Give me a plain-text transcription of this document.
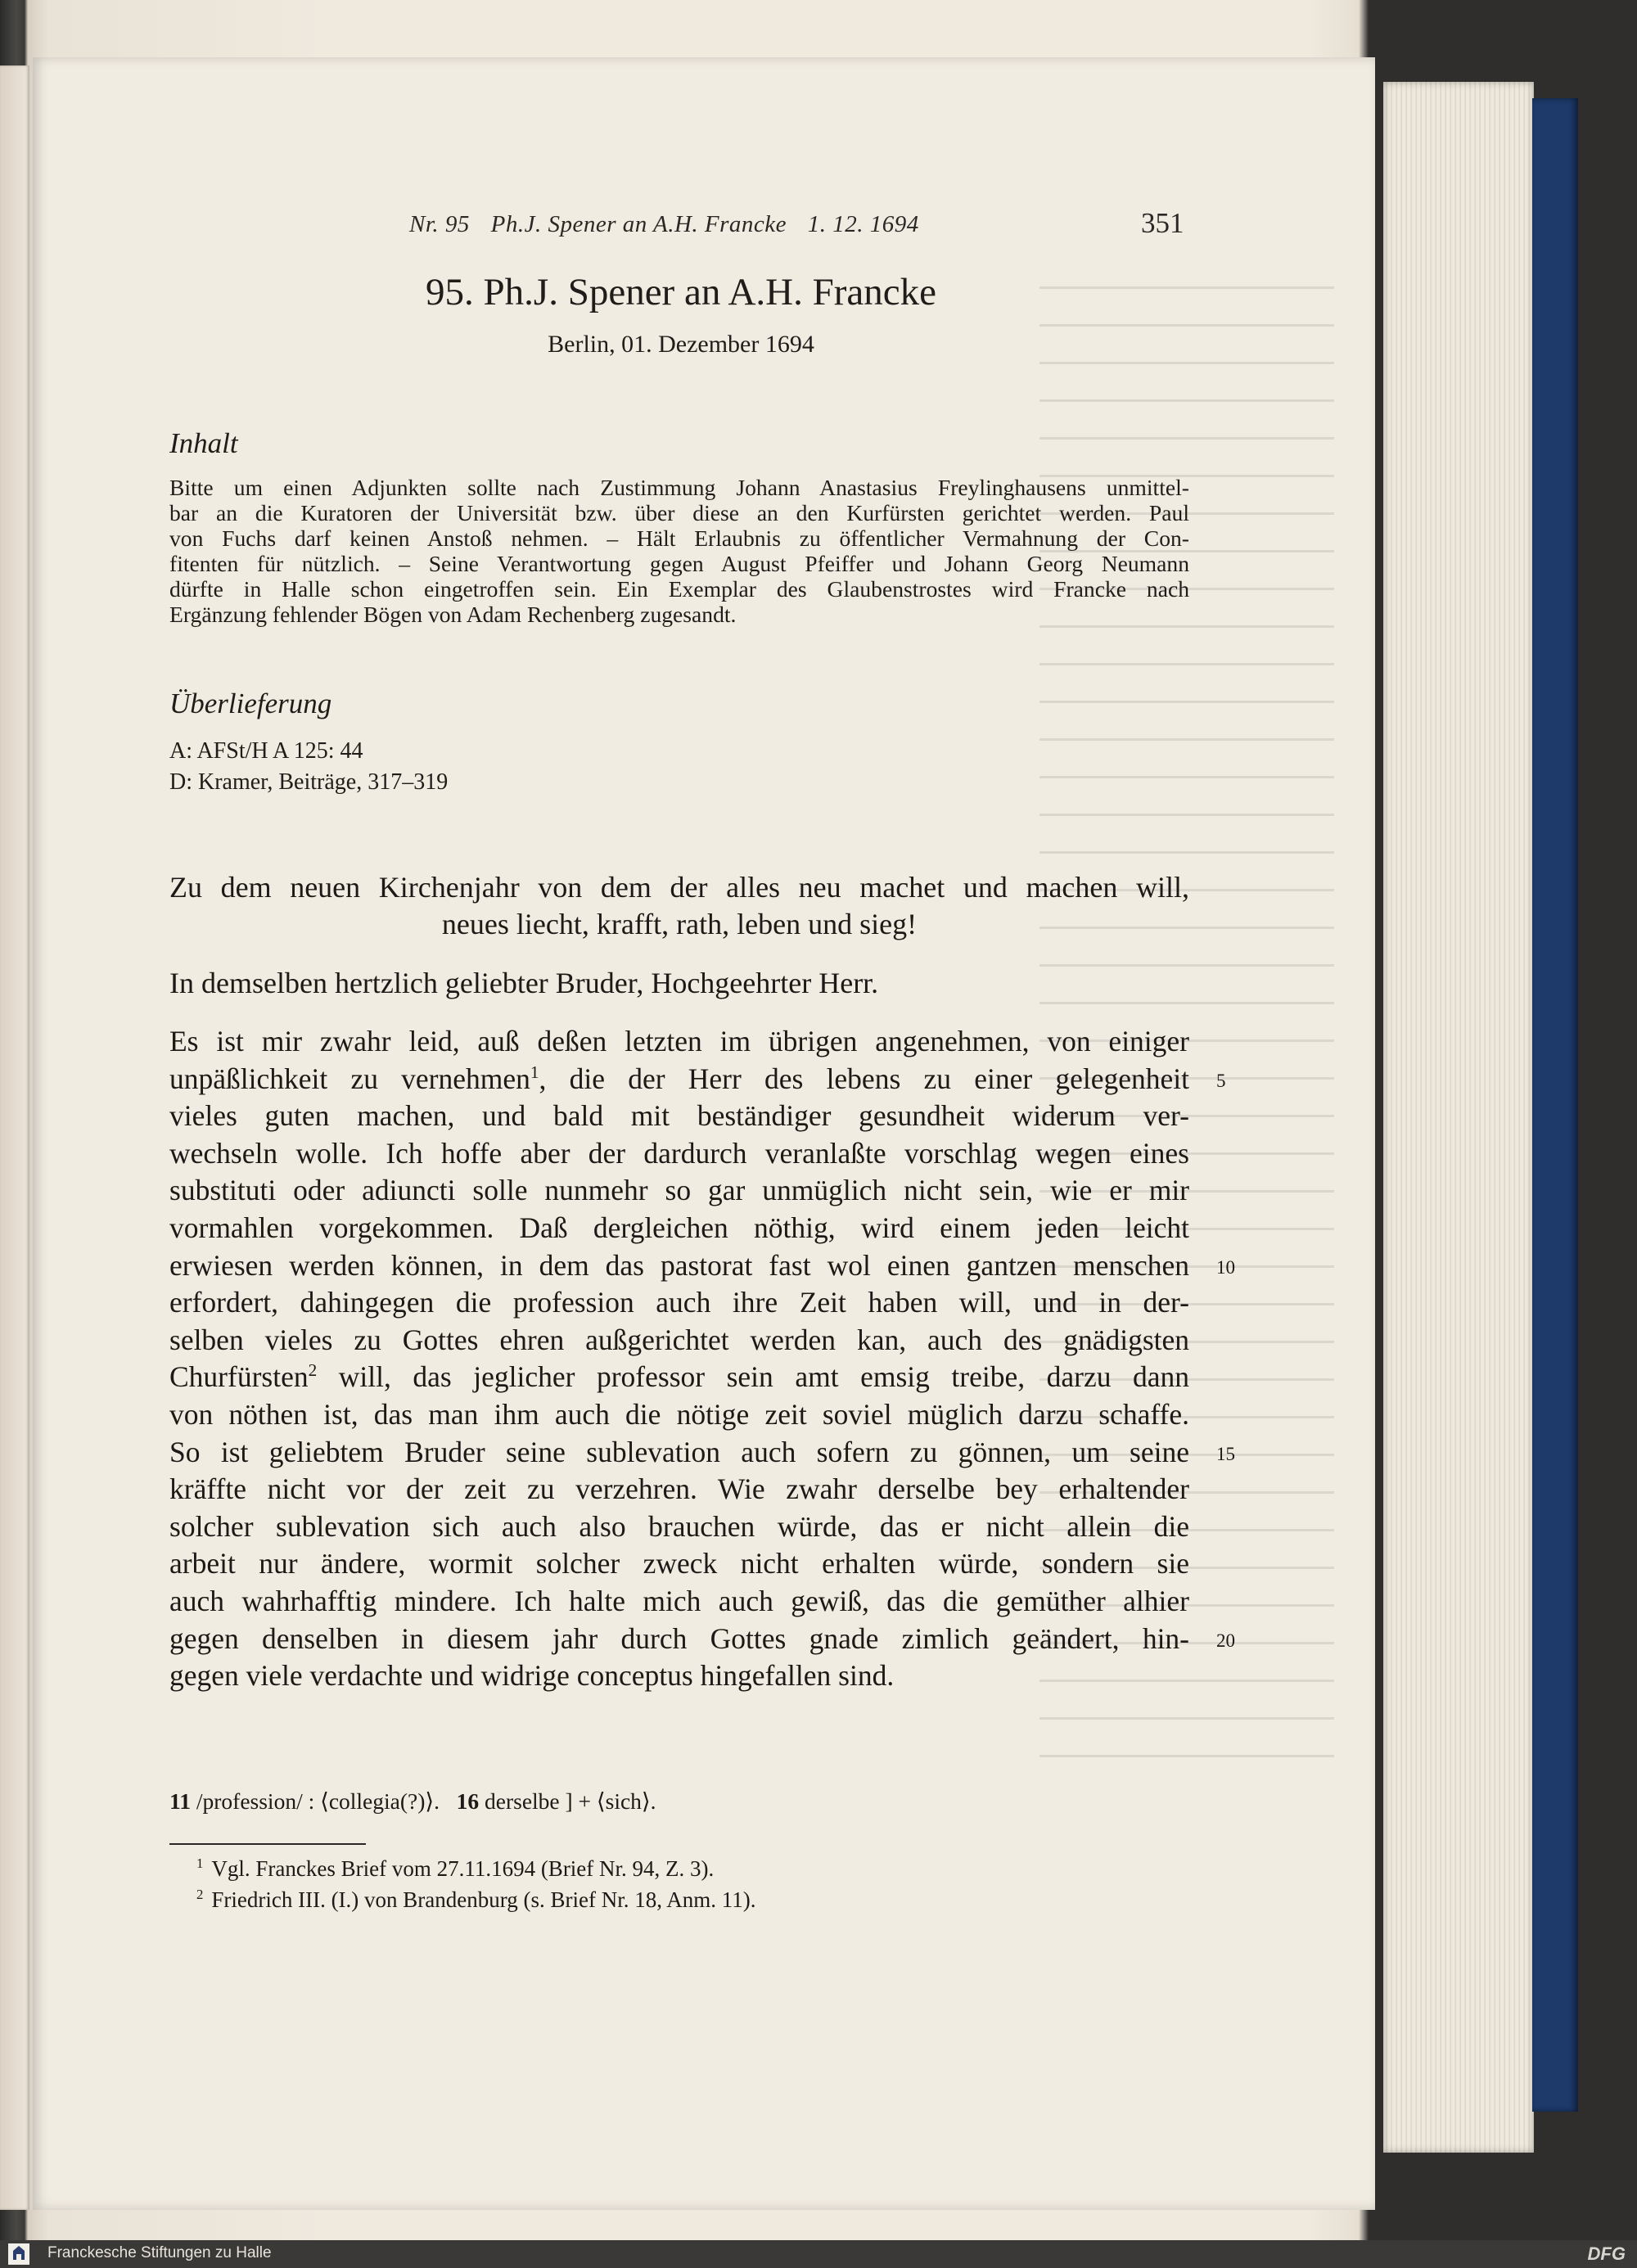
Nr. 95 Ph.J. Spener an A.H. Francke 1. 12. 1694	351
95. Ph.J. Spener an A.H. Francke
Berlin, 01. Dezember 1694
Inhalt
Bitte um einen Adjunkten sollte nach Zustimmung Johann Anastasius Freylinghausens unmittel-
bar an die Kuratoren der Universität bzw. über diese an den Kurfürsten gerichtet werden. Paul
von Fuchs darf keinen Anstoß nehmen. – Hält Erlaubnis zu öffentlicher Vermahnung der Con-
fitenten für nützlich. – Seine Verantwortung gegen August Pfeiffer und Johann Georg Neumann
dürfte in Halle schon eingetroffen sein. Ein Exemplar des Glaubenstrostes wird Francke nach
Ergänzung fehlender Bögen von Adam Rechenberg zugesandt.
Überlieferung
A: AFSt/H A 125: 44
D: Kramer, Beiträge, 317–319
Zu dem neuen Kirchenjahr von dem der alles neu machet und machen will,
neues liecht, krafft, rath, leben und sieg!
In demselben hertzlich geliebter Bruder, Hochgeehrter Herr.
Es ist mir zwahr leid, auß deßen letzten im übrigen angenehmen, von einiger
unpäßlichkeit zu vernehmen$^1$, die der Herr des lebens zu einer gelegenheit
vieles guten machen, und bald mit beständiger gesundheit widerum ver-
wechseln wolle. Ich hoffe aber der dardurch veranlaßte vorschlag wegen eines
substituti oder adiuncti solle nunmehr so gar unmüglich nicht sein, wie er mir
vormahlen vorgekommen. Daß dergleichen nöthig, wird einem jeden leicht
erwiesen werden können, in dem das pastorat fast wol einen gantzen menschen
erfordert, dahingegen die profession auch ihre Zeit haben will, und in der-
selben vieles zu Gottes ehren außgerichtet werden kan, auch des gnädigsten
Churfürsten$^2$ will, das jeglicher professor sein amt emsig treibe, darzu dann
von nöthen ist, das man ihm auch die nötige zeit soviel müglich darzu schaffe.
So ist geliebtem Bruder seine sublevation auch sofern zu gönnen, um seine
kräffte nicht vor der zeit zu verzehren. Wie zwahr derselbe bey erhaltender
solcher sublevation sich auch also brauchen würde, das er nicht allein die
arbeit nur ändere, wormit solcher zweck nicht erhalten würde, sondern sie
auch wahrhafftig mindere. Ich halte mich auch gewiß, das die gemüther alhier
gegen denselben in diesem jahr durch Gottes gnade zimlich geändert, hin-
gegen viele verdachte und widrige conceptus hingefallen sind.
5
10
15
20
11 /profession/ : ⟨collegia(?)⟩. 16 derselbe ] + ⟨sich⟩.
$^1$ Vgl. Franckes Brief vom 27.11.1694 (Brief Nr. 94, Z. 3).
$^2$ Friedrich III. (I.) von Brandenburg (s. Brief Nr. 18, Anm. 11).
Franckesche Stiftungen zu Halle	DFG
